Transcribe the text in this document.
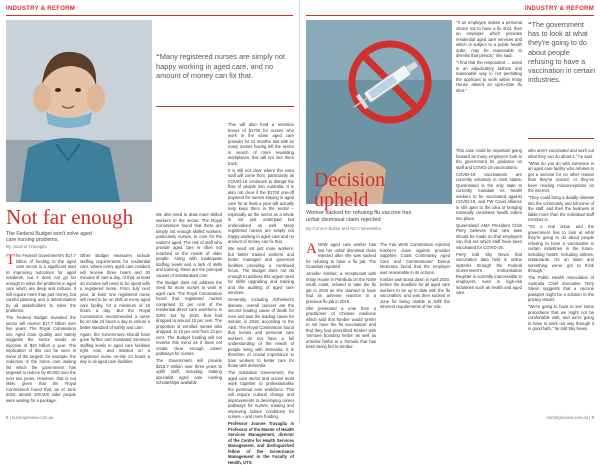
INDUSTRY & REFORM
Not far enough
The Federal Budget won't solve aged care nursing problems,
By Joanne Travaglia
“Many registered nurses are simply not happy working in aged care, and no amount of money can fix that.

The Federal Government's $17.7 billion of funding to the aged care sector is a significant start to improving outcomes for aged residents, but it does not go far enough to solve the problems in aged care which are deep and cultural. It will require more than just money, but careful planning and a determination by all stakeholders to solve the problems.

The Federal Budget revealed the sector will receive $17.7 billion over five years. The Royal Commission into Aged Care Quality and Safety suggests the sector needs an injection of $10 billion a year. The implication of this can be seen in some of the targets: for example, the reduction in the home care waiting list which the government has targeted to reduce by 80,000 over the next two years. However, that is not likely given that the Royal Commission found that, as of June 2020, almost 100,000 older people were waiting for a package.

Other Budget measures include staffing requirements for residential care, where every aged care resident will receive three hours and 20 minutes of care a day, of that, at least 40 minutes will need to be spent with a registered nurse. From July next year, at least one registered nurse will need to be on shift at every aged care facility, for a minimum of 16 hours a day. But the Royal Commission recommended a nurse be on site 24 hours a day to ensure a better standard of safety and care.

Again, the Government should have gone further and mandated minimum staffing levels in aged care facilities right now, and insisted on a registered nurse on-site 24 hours a day in all aged care facilities.

We also need to draw more skilled workers to the sector. The Royal Commission found that there are simply not enough skilled workers, particularly nurses, to care for the nation's aged. The risk of staff who provide aged care is often not matched to the needs of older people. Along with inadequate staffing levels and a lack of skills and training, these are the principal causes of substandard care.

The Budget does not address the need for more nurses to work in aged care. The Royal Commission found that registered nurses comprised 21 per cent of the residential direct care workforce in 2003, but by 2016, that had dropped to around 15 per cent. The proportion of enrolled nurses also dropped, to 10 per cent from 13 per cent. The Budget funding will not reverse this trend as it does not create clear enough career pathways for nurses.

The Government will provide $216.7 million over three years to uplift staff, including making specialist aged care nursing scholarships available.

This will also fund a retention bonus of $1700 for nurses who work in the same aged care provider for 12 months. But with so many nurses having left the sector in search of more rewarding workplaces, this will not lure them back.

It is still not clear where the extra staff will come from, particularly as COVID-19 continues to disrupt the flow of people into Australia. It is also not clear if the $1700 one-off payment for nurses staying in aged care for at least a year will actually help keep them in the sector – especially as the sector as a whole is not just underpaid but undervalued as well. Many registered nurses are simply not happy working in aged care and no amount of money can fix that.

We need not just more workers, but better trained workers and better managed and governed facilities providing a continued focus. The Budget does not do enough to address this urgent need for skills upgrading and training and the auditing of aged care services.

Generally, including Alzheimer's disease, overall cancers are the second leading cause of death for men and was the leading cause for women in 2019, according to the ABS. The Royal Commission found that nurses and personal care workers do not have a full understanding of the needs of people living with dementia. It is therefore of crucial importance to train workers to better care for those with dementia.

The Australian Government, the aged care sector and unions must work together to professionalise the personal care workforce. This will require cultural change and improvements to developing career pathways for nurses, training and improving labour conditions for nurses – and more funding.

Professor Joanne Travaglia is Professor of the Master of Health Services Management, director of the Centre for Health Services Management, and distinguished fellow of the Governance Management in the Faculty of Health, UTS.

8 | nursingreview.com.au
INDUSTRY & REFORM
Decision upheld
Worker sacked for refusing flu vaccine has unfair dismissal claim rejected
By Connor Burke and NCA NewsWire

"If an employee makes a personal choice not to have a flu shot, then an employer which provides residential aged care services and which is subject to a public health order, may be reasonable to dismiss that person," she said.

"I find that the respondent ... acted in an adjudicatory fashion and reasonable way in not permitting the applicant to work within Imlay House absent an up-to-date flu shot."

“The government has to look at what they're going to do about people refusing to have a vaccination in certain industries.

ANSW aged care worker has lost her unfair dismissal claim rejected after she was sacked for refusing to have a flu jab, The Guardian reported.

Jennifer Kimber, a receptionist with Imlay House in Pambula on the NSW south coast, refused to take the flu jab in 2020 as she claimed to have had an adverse reaction to a previous flu jab in 2016.

She presented a note from a practitioner of Chinese medicine which said that Kimber would 'prefer to not have the flu vaccination' and that they had prescribed Kimber with 'immune boosting herbs' as well as antiviral herbs to a formula that has been being fed to Kimber.

The Fair Work Commission rejected Kimber's claim against provider Sapphire Coast Community Aged Care and Commissioner Donna McKenna found that the employer was reasonable in its actions.

Kimber was stood down in April 2020, before the deadline for all aged care workers to be up to date with the flu vaccination, and was then sacked in June for being unable to fulfil the inherent requirements of her role.

This case could be important going forward as many employers look to the government for guidance on staff and COVID-19 vaccinations.

COVID-19 vaccinations are currently voluntary in most states, Queensland is the only state to currently mandate its health workers to be vaccinated against COVID-19, and FW Covid Alliance is still open to the idea of bringing nationally consistent health orders into place.

Queensland AMA President Chris Perry believes that new laws should be made so that employers can find out which staff have been vaccinated for COVID-19.

Perry told Sky News that vaccination data held in online systems through the Federal Government's Immunisation Register is currently inaccessible to employers, even in high-risk industries such as health and aged care.

who aren't vaccinated and work out what they can do about it," he said.

"What do you do with someone in an aged care facility who refuses to get a vaccine for no other reason than they're scared, or they've been reading misconceptions on the internet.

"They could bring a deadly disease into the community and kill some of the staff, and then the business is liable more than the individual staff member is.

"It's a real issue and the government has to look at what they're going to do about people refusing to have a vaccination in certain industries in the future, including health, including airlines, restaurants. It's an issue and something we've got to think through."

The Public Health Association of Australia Chief Executive Terry Slevin suggests that a vaccine passport might be a solution to the privacy issues.

"We're going to have to see some procedures that we might not be comfortable with, and we're going to have to work our way through it in good faith," he told Sky News.

nursingreview.com.au | 9
